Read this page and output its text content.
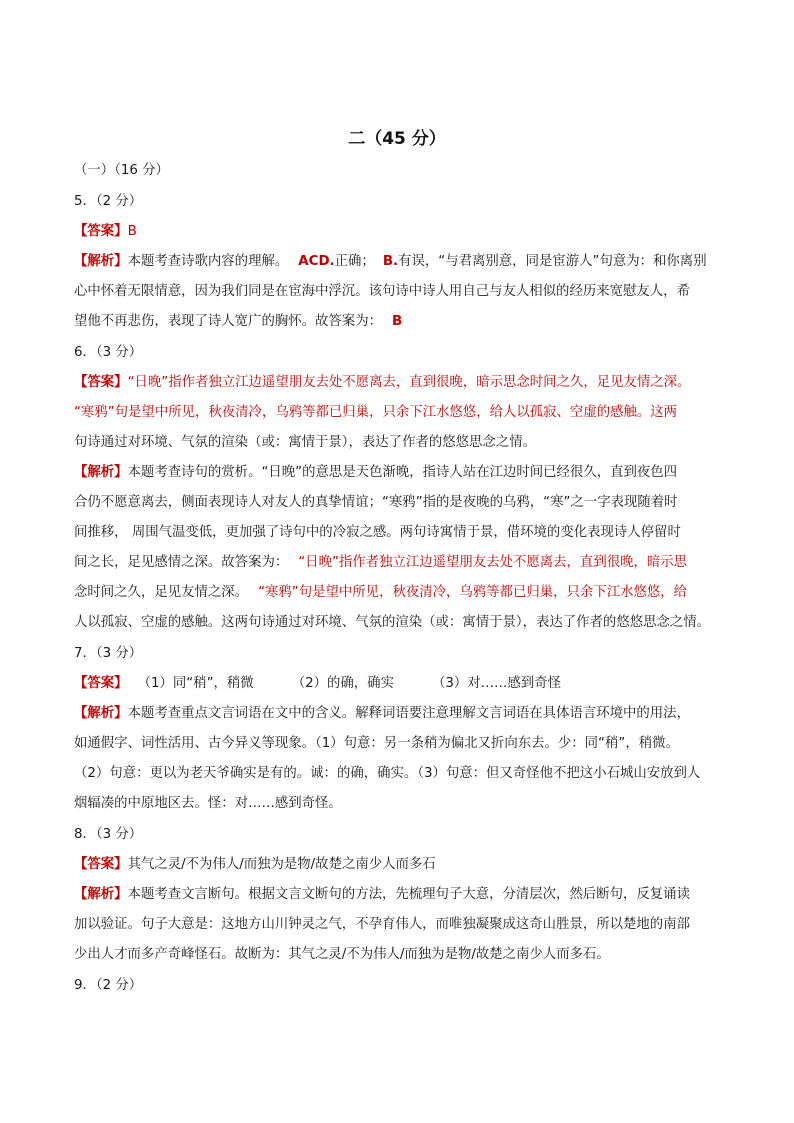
二（45 分）
（一）（16 分）
5．（2 分）
【答案】B
【解析】本题考查诗歌内容的理解。 ACD.正确； B.有误，“与君离别意，同是宦游人”句意为：和你离别
心中怀着无限情意，因为我们同是在宦海中浮沉。该句诗中诗人用自己与友人相似的经历来宽慰友人，希
望他不再悲伤，表现了诗人宽广的胸怀。故答案为： B
6．（3 分）
【答案】“日晚”指作者独立江边遥望朋友去处不愿离去，直到很晚，暗示思念时间之久，足见友情之深。
“寒鸦”句是望中所见，秋夜清冷，乌鸦等都已归巢，只余下江水悠悠，给人以孤寂、空虚的感触。这两
句诗通过对环境、气氛的渲染（或：寓情于景），表达了作者的悠悠思念之情。
【解析】本题考查诗句的赏析。“日晚”的意思是天色渐晚，指诗人站在江边时间已经很久，直到夜色四
合仍不愿意离去，侧面表现诗人对友人的真挚情谊；“寒鸦”指的是夜晚的乌鸦，“寒”之一字表现随着时
间推移， 周围气温变低，更加强了诗句中的冷寂之感。两句诗寓情于景，借环境的变化表现诗人停留时
间之长，足见感情之深。故答案为： “日晚”指作者独立江边遥望朋友去处不愿离去，直到很晚，暗示思
念时间之久，足见友情之深。 “寒鸦”句是望中所见，秋夜清冷，乌鸦等都已归巢，只余下江水悠悠，给
人以孤寂、空虚的感触。这两句诗通过对环境、气氛的渲染（或：寓情于景），表达了作者的悠悠思念之情。
7．（3 分）
【答案】 （1）同“稍”，稍微	（2）的确，确实	（3）对……感到奇怪
【解析】本题考查重点文言词语在文中的含义。解释词语要注意理解文言词语在具体语言环境中的用法，
如通假字、词性活用、古今异义等现象。（1）句意：另一条稍为偏北又折向东去。少：同“稍”，稍微。
（2）句意：更以为老天爷确实是有的。诚：的确，确实。（3）句意：但又奇怪他不把这小石城山安放到人
烟辐凑的中原地区去。怪：对……感到奇怪。
8．（3 分）
【答案】其气之灵/不为伟人/而独为是物/故楚之南少人而多石
【解析】本题考查文言断句。根据文言文断句的方法，先梳理句子大意，分清层次，然后断句，反复诵读
加以验证。句子大意是：这地方山川钟灵之气，不孕育伟人，而唯独凝聚成这奇山胜景，所以楚地的南部
少出人才而多产奇峰怪石。故断为：其气之灵/不为伟人/而独为是物/故楚之南少人而多石。
9．（2 分）
